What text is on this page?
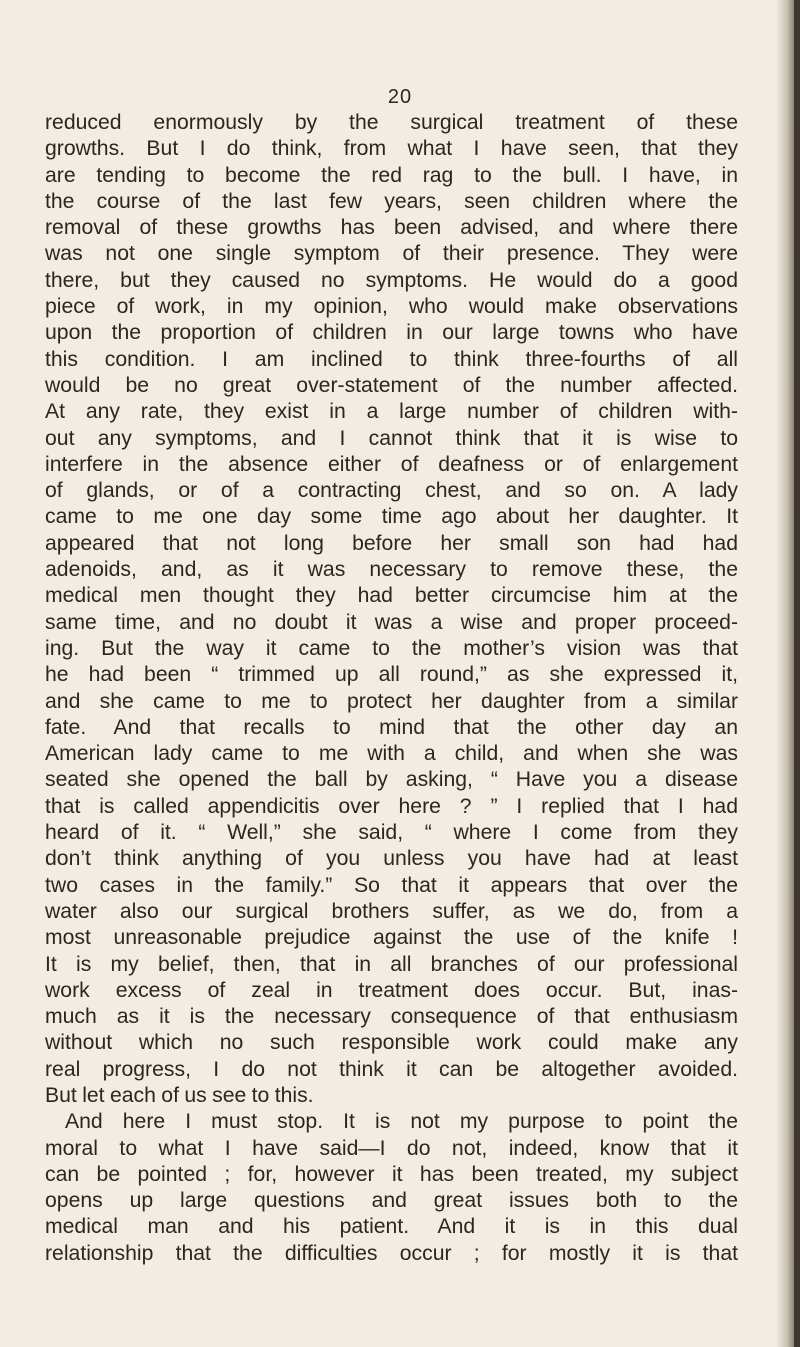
20
reduced enormously by the surgical treatment of these
growths. But I do think, from what I have seen, that they
are tending to become the red rag to the bull. I have, in
the course of the last few years, seen children where the
removal of these growths has been advised, and where there
was not one single symptom of their presence. They were
there, but they caused no symptoms. He would do a good
piece of work, in my opinion, who would make observations
upon the proportion of children in our large towns who have
this condition. I am inclined to think three-fourths of all
would be no great over-statement of the number affected.
At any rate, they exist in a large number of children with-
out any symptoms, and I cannot think that it is wise to
interfere in the absence either of deafness or of enlargement
of glands, or of a contracting chest, and so on. A lady
came to me one day some time ago about her daughter. It
appeared that not long before her small son had had
adenoids, and, as it was necessary to remove these, the
medical men thought they had better circumcise him at the
same time, and no doubt it was a wise and proper proceed-
ing. But the way it came to the mother’s vision was that
he had been “ trimmed up all round,” as she expressed it,
and she came to me to protect her daughter from a similar
fate. And that recalls to mind that the other day an
American lady came to me with a child, and when she was
seated she opened the ball by asking, “ Have you a disease
that is called appendicitis over here ? ” I replied that I had
heard of it. “ Well,” she said, “ where I come from they
don’t think anything of you unless you have had at least
two cases in the family.” So that it appears that over the
water also our surgical brothers suffer, as we do, from a
most unreasonable prejudice against the use of the knife !
It is my belief, then, that in all branches of our professional
work excess of zeal in treatment does occur. But, inas-
much as it is the necessary consequence of that enthusiasm
without which no such responsible work could make any
real progress, I do not think it can be altogether avoided.
But let each of us see to this.
And here I must stop. It is not my purpose to point the
moral to what I have said—I do not, indeed, know that it
can be pointed ; for, however it has been treated, my subject
opens up large questions and great issues both to the
medical man and his patient. And it is in this dual
relationship that the difficulties occur ; for mostly it is that
